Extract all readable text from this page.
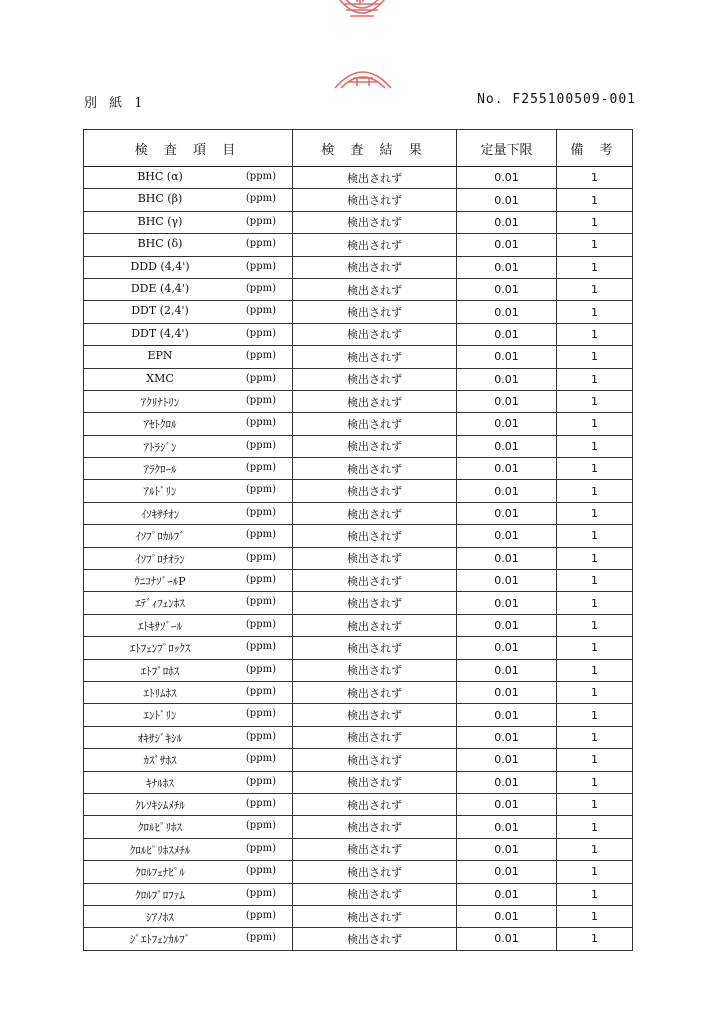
別 紙 1	No. F255100509-001
検 査 項 目	検 査 結 果	定量下限	備 考

BHC (α) (ppm)	検出されず	0.01	1

BHC (β) (ppm)	検出されず	0.01	1

BHC (γ) (ppm)	検出されず	0.01	1

BHC (δ) (ppm)	検出されず	0.01	1

DDD (4,4') (ppm)	検出されず	0.01	1

DDE (4,4') (ppm)	検出されず	0.01	1

DDT (2,4') (ppm)	検出されず	0.01	1

DDT (4,4') (ppm)	検出されず	0.01	1

EPN (ppm)	検出されず	0.01	1

XMC (ppm)	検出されず	0.01	1

ｱｸﾘﾅﾄﾘﾝ (ppm)	検出されず	0.01	1

ｱｾﾄｸﾛﾙ (ppm)	検出されず	0.01	1

ｱﾄﾗｼﾞﾝ (ppm)	検出されず	0.01	1

ｱﾗｸﾛｰﾙ (ppm)	検出されず	0.01	1

ｱﾙﾄﾞﾘﾝ (ppm)	検出されず	0.01	1

ｲｿｷｻﾁｵﾝ (ppm)	検出されず	0.01	1

ｲｿﾌﾟﾛｶﾙﾌﾞ (ppm)	検出されず	0.01	1

ｲｿﾌﾟﾛﾁｵﾗﾝ (ppm)	検出されず	0.01	1

ｳﾆｺﾅｿﾞｰﾙP (ppm)	検出されず	0.01	1

ｴﾃﾞｨﾌｪﾝﾎｽ (ppm)	検出されず	0.01	1

ｴﾄｷｻｿﾞｰﾙ (ppm)	検出されず	0.01	1

ｴﾄﾌｪﾝﾌﾟﾛｯｸｽ (ppm)	検出されず	0.01	1

ｴﾄﾌﾟﾛﾎｽ (ppm)	検出されず	0.01	1

ｴﾄﾘﾑﾎｽ (ppm)	検出されず	0.01	1

ｴﾝﾄﾞﾘﾝ (ppm)	検出されず	0.01	1

ｵｷｻｼﾞｷｼﾙ (ppm)	検出されず	0.01	1

ｶｽﾞｻﾎｽ (ppm)	検出されず	0.01	1

ｷﾅﾙﾎｽ (ppm)	検出されず	0.01	1

ｸﾚｿｷｼﾑﾒﾁﾙ (ppm)	検出されず	0.01	1

ｸﾛﾙﾋﾟﾘﾎｽ (ppm)	検出されず	0.01	1

ｸﾛﾙﾋﾟﾘﾎｽﾒﾁﾙ (ppm)	検出されず	0.01	1

ｸﾛﾙﾌｪﾅﾋﾟﾙ (ppm)	検出されず	0.01	1

ｸﾛﾙﾌﾟﾛﾌｧﾑ (ppm)	検出されず	0.01	1

ｼｱﾉﾎｽ (ppm)	検出されず	0.01	1

ｼﾞｴﾄﾌｪﾝｶﾙﾌﾞ (ppm)	検出されず	0.01	1
